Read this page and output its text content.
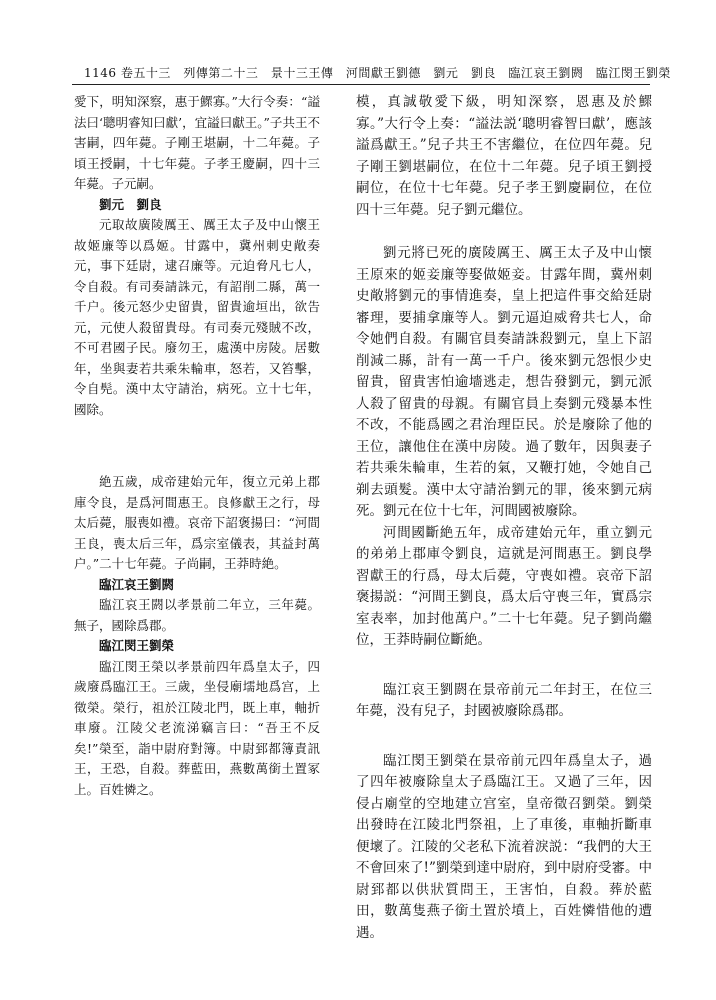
1146 卷五十三　列傳第二十三　景十三王傳　河間獻王劉德　劉元　劉良　臨江哀王劉閼　臨江閔王劉榮

愛下，明知深察，惠于鰥寡。”大行令奏：“謚法曰‘聰明睿知曰獻’，宜謚曰獻王。”子共王不害嗣，四年薨。子剛王堪嗣，十二年薨。子頃王授嗣，十七年薨。子孝王慶嗣，四十三年薨。子元嗣。

劉元　劉良

元取故廣陵厲王、厲王太子及中山懷王故姬廉等以爲姬。甘露中，冀州刺史敞奏元，事下廷尉，逮召廉等。元迫脅凡七人，令自殺。有司奏請誅元，有詔削二縣，萬一千户。後元怒少史留貴，留貴逾垣出，欲告元，元使人殺留貴母。有司奏元殘賊不改，不可君國子民。廢勿王，處漢中房陵。居數年，坐與妻若共乘朱輪車，怒若，又笞擊，令自髡。漢中太守請治，病死。立十七年，國除。

絶五歲，成帝建始元年，復立元弟上郡庫令良，是爲河間惠王。良修獻王之行，母太后薨，服喪如禮。哀帝下詔褒揚曰：“河間王良，喪太后三年，爲宗室儀表，其益封萬户。”二十七年薨。子尚嗣，王莽時絶。

臨江哀王劉閼

臨江哀王閼以孝景前二年立，三年薨。無子，國除爲郡。

臨江閔王劉榮

臨江閔王榮以孝景前四年爲皇太子，四歲廢爲臨江王。三歲，坐侵廟壖地爲宫，上徵榮。榮行，祖於江陵北門，既上車，軸折車廢。江陵父老流涕竊言曰：“吾王不反矣!”榮至，詣中尉府對簿。中尉郅都簿責訊王，王恐，自殺。葬藍田，燕數萬銜土置冢上。百姓憐之。

模，真誠敬愛下級，明知深察，恩惠及於鰥寡。”大行令上奏：“謚法説‘聰明睿智曰獻’，應該謚爲獻王。”兒子共王不害繼位，在位四年薨。兒子剛王劉堪嗣位，在位十二年薨。兒子頃王劉授嗣位，在位十七年薨。兒子孝王劉慶嗣位，在位四十三年薨。兒子劉元繼位。

劉元將已死的廣陵厲王、厲王太子及中山懷王原來的姬妾廉等娶做姬妾。甘露年間，冀州刺史敞將劉元的事情進奏，皇上把這件事交給廷尉審理，要捕拿廉等人。劉元逼迫威脅共七人，命令她們自殺。有關官員奏請誅殺劉元，皇上下詔削減二縣，計有一萬一千户。後來劉元怨恨少史留貴，留貴害怕逾墻逃走，想告發劉元，劉元派人殺了留貴的母親。有關官員上奏劉元殘暴本性不改，不能爲國之君治理臣民。於是廢除了他的王位，讓他住在漢中房陵。過了數年，因與妻子若共乘朱輪車，生若的氣，又鞭打她，令她自己剃去頭髮。漢中太守請治劉元的罪，後來劉元病死。劉元在位十七年，河間國被廢除。

河間國斷絶五年，成帝建始元年，重立劉元的弟弟上郡庫令劉良，這就是河間惠王。劉良學習獻王的行爲，母太后薨，守喪如禮。哀帝下詔褒揚説：“河間王劉良，爲太后守喪三年，實爲宗室表率，加封他萬户。”二十七年薨。兒子劉尚繼位，王莽時嗣位斷絶。

臨江哀王劉閼在景帝前元二年封王，在位三年薨，没有兒子，封國被廢除爲郡。

臨江閔王劉榮在景帝前元四年爲皇太子，過了四年被廢除皇太子爲臨江王。又過了三年，因侵占廟堂的空地建立宫室，皇帝徵召劉榮。劉榮出發時在江陵北門祭祖，上了車後，車軸折斷車便壞了。江陵的父老私下流着淚説：“我們的大王不會回來了!”劉榮到達中尉府，到中尉府受審。中尉郅都以供狀質問王，王害怕，自殺。葬於藍田，數萬隻燕子銜土置於墳上，百姓憐惜他的遭遇。
